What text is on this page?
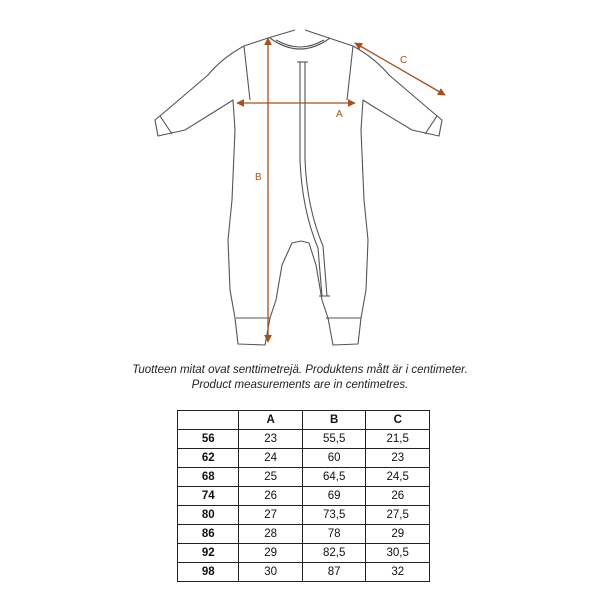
A
B
C
Tuotteen mitat ovat senttimetrejä. Produktens mått är i centimeter.
Product measurements are in centimetres.
	A	B	C
56	23	55,5	21,5
62	24	60	23
68	25	64,5	24,5
74	26	69	26
80	27	73,5	27,5
86	28	78	29
92	29	82,5	30,5
98	30	87	32
